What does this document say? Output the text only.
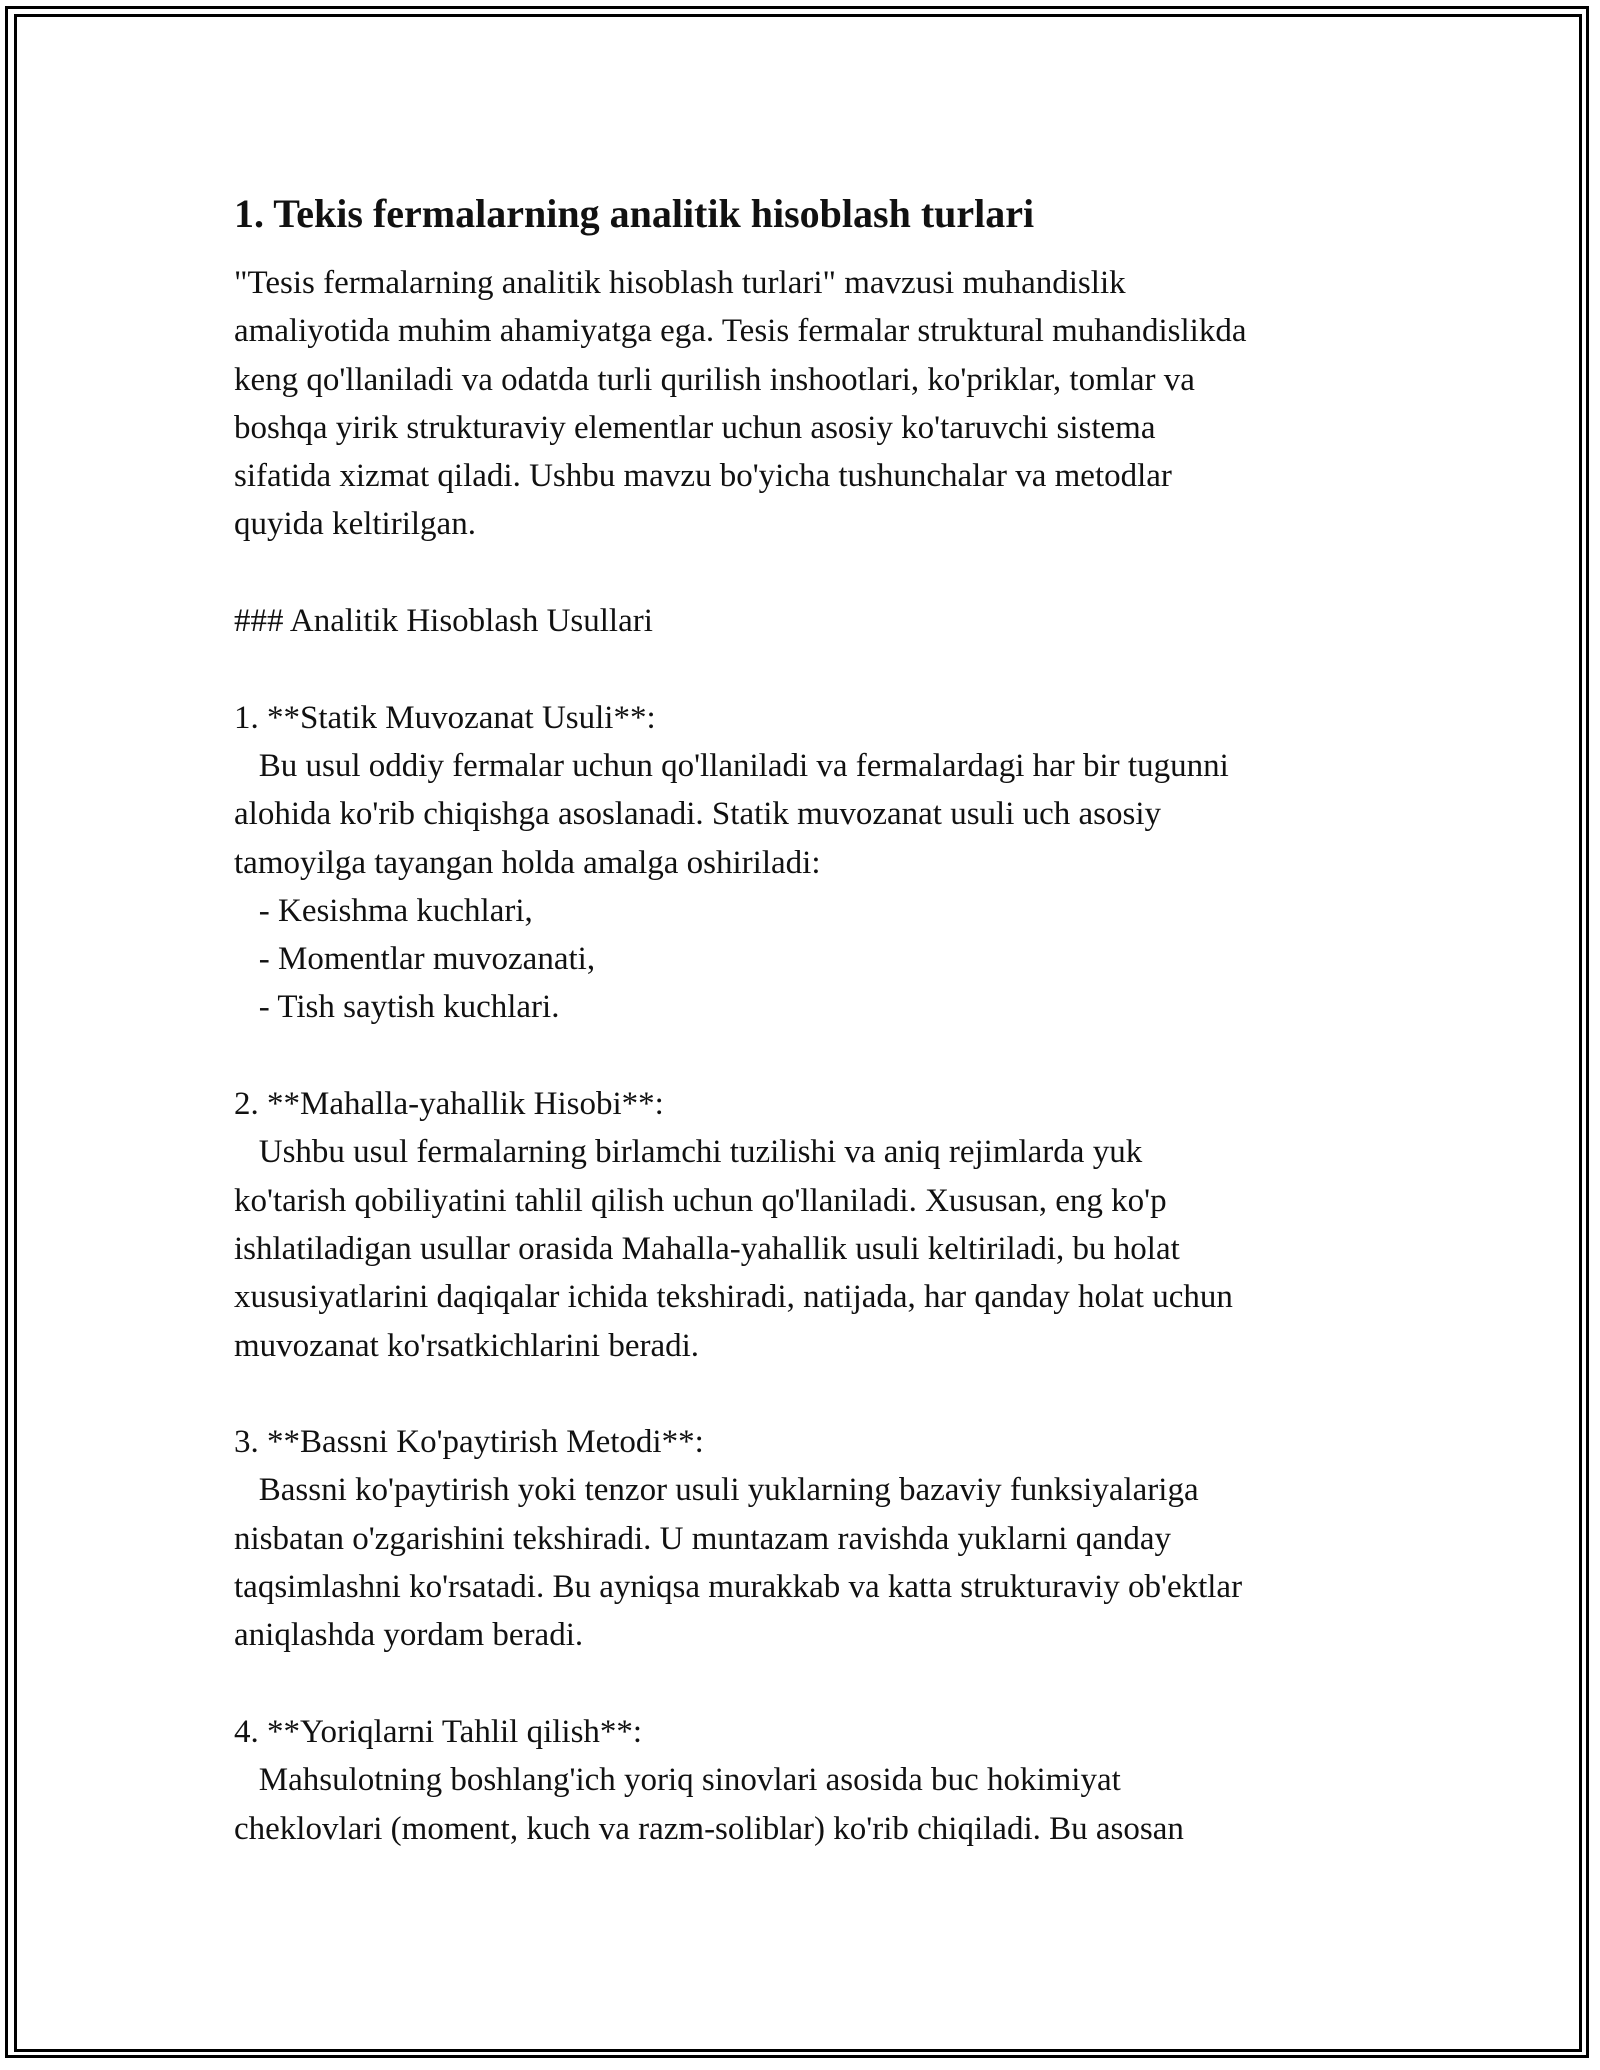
1. Tekis fermalarning analitik hisoblash turlari

"Tesis fermalarning analitik hisoblash turlari" mavzusi muhandislik

amaliyotida muhim ahamiyatga ega. Tesis fermalar struktural muhandislikda

keng qo'llaniladi va odatda turli qurilish inshootlari, ko'priklar, tomlar va

boshqa yirik strukturaviy elementlar uchun asosiy ko'taruvchi sistema

sifatida xizmat qiladi. Ushbu mavzu bo'yicha tushunchalar va metodlar

quyida keltirilgan.

### Analitik Hisoblash Usullari

1. **Statik Muvozanat Usuli**:

Bu usul oddiy fermalar uchun qo'llaniladi va fermalardagi har bir tugunni

alohida ko'rib chiqishga asoslanadi. Statik muvozanat usuli uch asosiy

tamoyilga tayangan holda amalga oshiriladi:

- Kesishma kuchlari,

- Momentlar muvozanati,

- Tish saytish kuchlari.

2. **Mahalla-yahallik Hisobi**:

Ushbu usul fermalarning birlamchi tuzilishi va aniq rejimlarda yuk

ko'tarish qobiliyatini tahlil qilish uchun qo'llaniladi. Xususan, eng ko'p

ishlatiladigan usullar orasida Mahalla-yahallik usuli keltiriladi, bu holat

xususiyatlarini daqiqalar ichida tekshiradi, natijada, har qanday holat uchun

muvozanat ko'rsatkichlarini beradi.

3. **Bassni Ko'paytirish Metodi**:

Bassni ko'paytirish yoki tenzor usuli yuklarning bazaviy funksiyalariga

nisbatan o'zgarishini tekshiradi. U muntazam ravishda yuklarni qanday

taqsimlashni ko'rsatadi. Bu ayniqsa murakkab va katta strukturaviy ob'ektlar

aniqlashda yordam beradi.

4. **Yoriqlarni Tahlil qilish**:

Mahsulotning boshlang'ich yoriq sinovlari asosida buc hokimiyat

cheklovlari (moment, kuch va razm-soliblar) ko'rib chiqiladi. Bu asosan
